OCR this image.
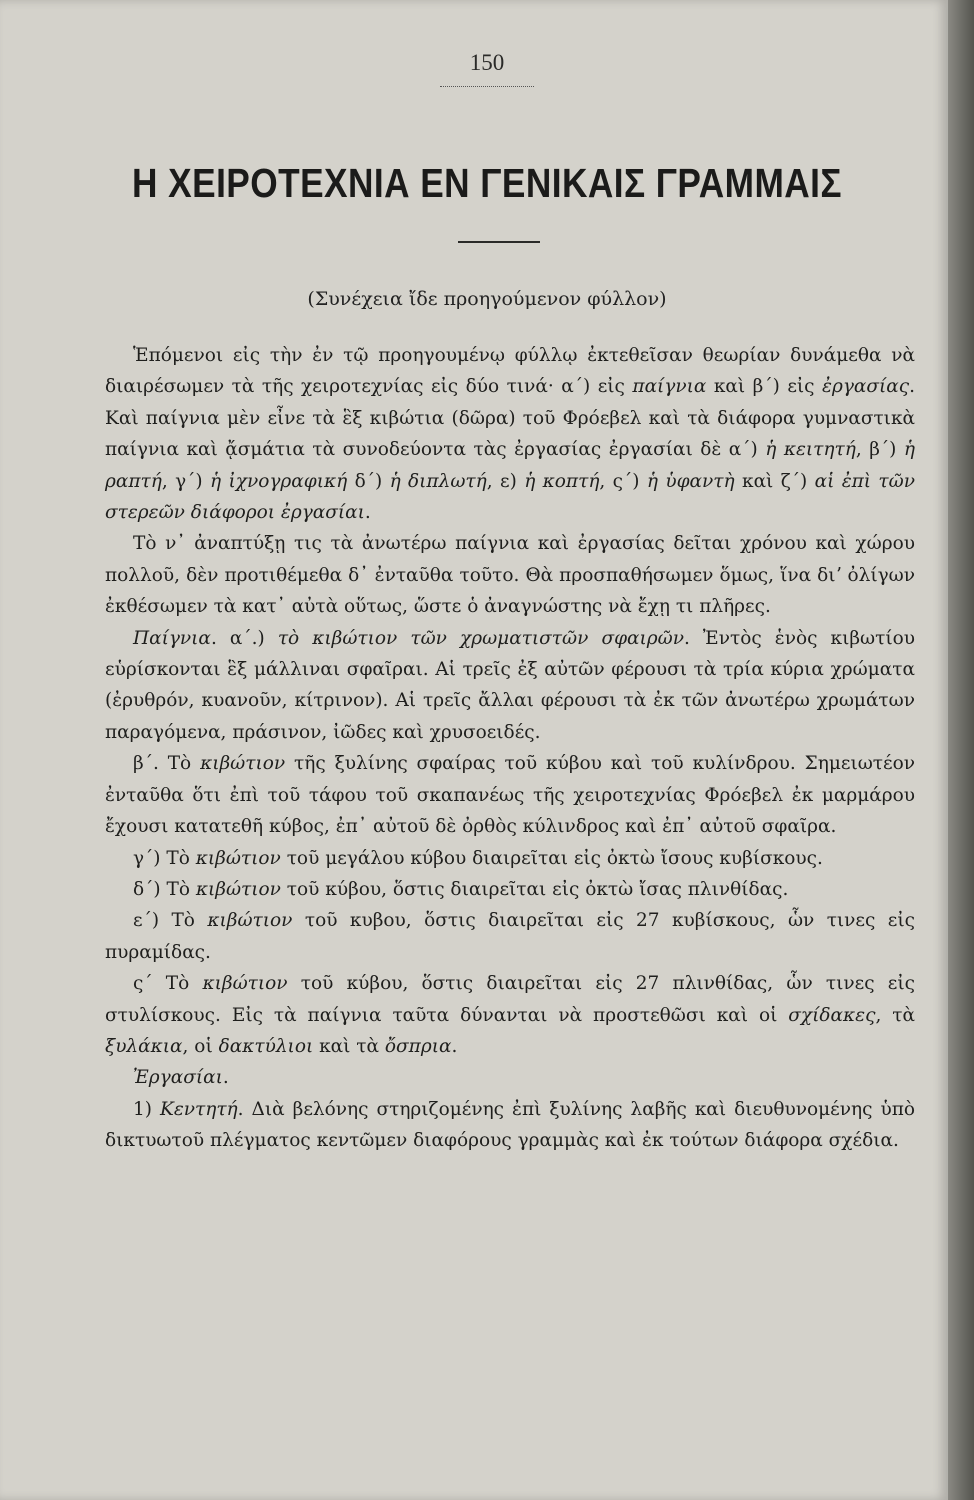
150
Η ΧΕΙΡΟΤΕΧΝΙΑ ΕΝ ΓΕΝΙΚΑΙΣ ΓΡΑΜΜΑΙΣ
(Συνέχεια ἴδε προηγούμενον φύλλον)

Ἑπόμενοι εἰς τὴν ἐν τῷ προηγουμένῳ φύλλῳ ἐκτεθεῖσαν θεωρίαν δυνάμεθα νὰ διαιρέσωμεν τὰ τῆς χειροτεχνίας εἰς δύο τινά· α΄) εἰς παίγνια καὶ β΄) εἰς ἐργασίας. Καὶ παίγνια μὲν εἶνε τὰ ἓξ κιβώτια (δῶρα) τοῦ Φρόεβελ καὶ τὰ διάφορα γυμναστικὰ παίγνια καὶ ᾄσμάτια τὰ συνοδεύοντα τὰς ἐργασίας ἐργασίαι δὲ α΄) ἡ κειτητή, β΄) ἡ ραπτή, γ΄) ἡ ἰχνογραφική δ΄) ἡ διπλωτή, ε) ἡ κοπτή, ς΄) ἡ ὑφαντὴ καὶ ζ΄) αἱ ἐπὶ τῶν στερεῶν διάφοροι ἐργασίαι.

Τὸ ν᾽ ἀναπτύξῃ τις τὰ ἀνωτέρω παίγνια καὶ ἐργασίας δεῖται χρόνου καὶ χώρου πολλοῦ, δὲν προτιθέμεθα δ᾽ ἐνταῦθα τοῦτο. Θὰ προσπαθήσωμεν ὅμως, ἵνα διʼ ὀλίγων ἐκθέσωμεν τὰ κατ᾽ αὐτὰ οὕτως, ὥστε ὁ ἀναγνώστης νὰ ἔχῃ τι πλῆρες.

Παίγνια. α΄.) τὸ κιβώτιον τῶν χρωματιστῶν σφαιρῶν. Ἐντὸς ἑνὸς κιβωτίου εὑρίσκονται ἓξ μάλλιναι σφαῖραι. Αἱ τρεῖς ἐξ αὐτῶν φέρουσι τὰ τρία κύρια χρώματα (ἐρυθρόν, κυανοῦν, κίτρινον). Αἱ τρεῖς ἄλλαι φέρουσι τὰ ἐκ τῶν ἀνωτέρω χρωμάτων παραγόμενα, πράσινον, ἰῶδες καὶ χρυσοειδές.

β΄. Τὸ κιβώτιον τῆς ξυλίνης σφαίρας τοῦ κύβου καὶ τοῦ κυλίνδρου. Σημειωτέον ἐνταῦθα ὅτι ἐπὶ τοῦ τάφου τοῦ σκαπανέως τῆς χειροτεχνίας Φρόεβελ ἐκ μαρμάρου ἔχουσι κατατεθῆ κύβος, ἐπ᾽ αὐτοῦ δὲ ὀρθὸς κύλινδρος καὶ ἐπ᾽ αὐτοῦ σφαῖρα.

γ΄) Τὸ κιβώτιον τοῦ μεγάλου κύβου διαιρεῖται εἰς ὀκτὼ ἴσους κυβίσκους.

δ΄) Τὸ κιβώτιον τοῦ κύβου, ὅστις διαιρεῖται εἰς ὀκτὼ ἴσας πλινθίδας.

ε΄) Τὸ κιβώτιον τοῦ κυβου, ὅστις διαιρεῖται εἰς 27 κυβίσκους, ὧν τινες εἰς πυραμίδας.

ς΄ Τὸ κιβώτιον τοῦ κύβου, ὅστις διαιρεῖται εἰς 27 πλινθίδας, ὧν τινες εἰς στυλίσκους. Εἰς τὰ παίγνια ταῦτα δύνανται νὰ προστεθῶσι καὶ οἱ σχίδακες, τὰ ξυλάκια, οἱ δακτύλιοι καὶ τὰ ὄσπρια.

Ἐργασίαι.

1) Κεντητή. Διὰ βελόνης στηριζομένης ἐπὶ ξυλίνης λαβῆς καὶ διευθυνομένης ὑπὸ δικτυωτοῦ πλέγματος κεντῶμεν διαφόρους γραμμὰς καὶ ἐκ τούτων διάφορα σχέδια.
